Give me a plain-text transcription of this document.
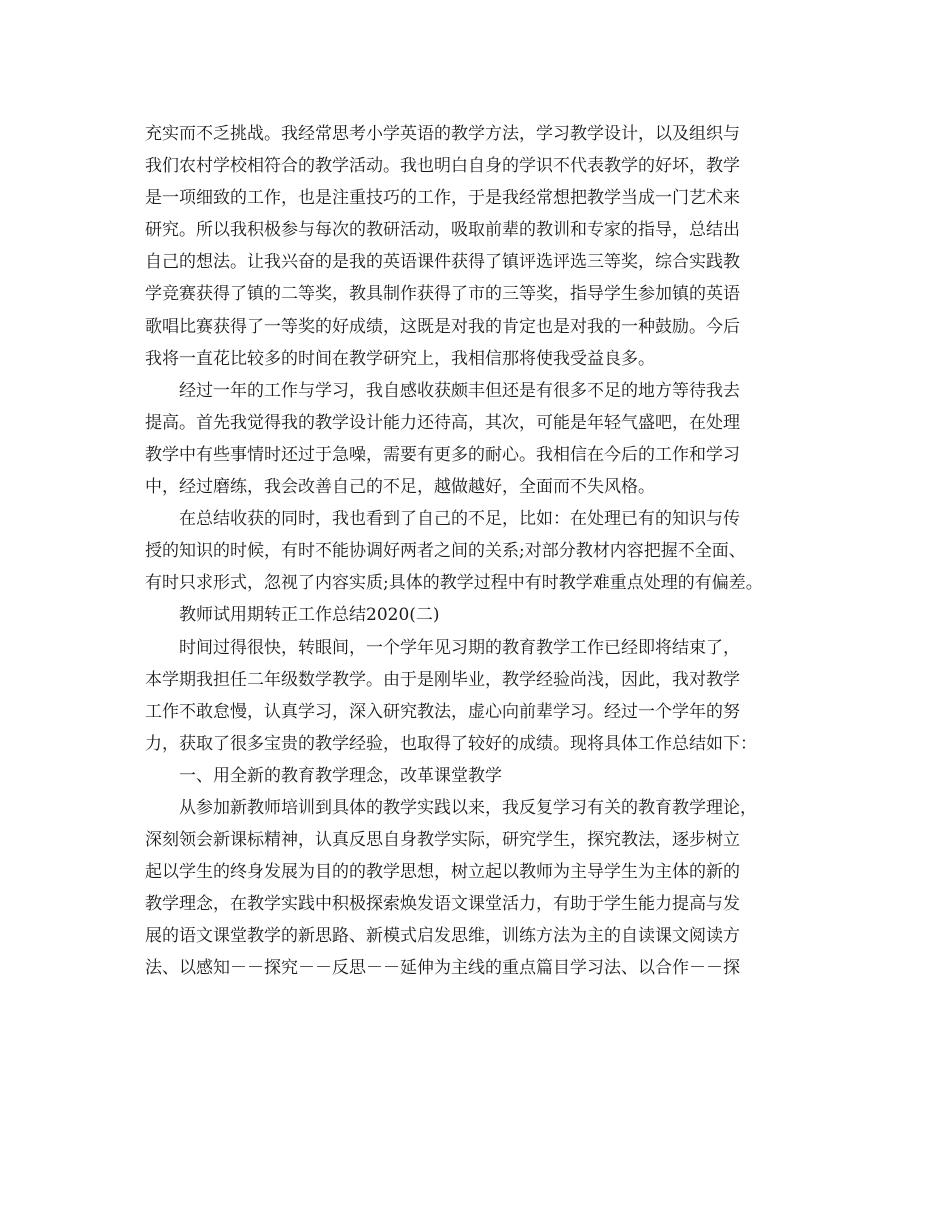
充实而不乏挑战。我经常思考小学英语的教学方法，学习教学设计，以及组织与
我们农村学校相符合的教学活动。我也明白自身的学识不代表教学的好坏，教学
是一项细致的工作，也是注重技巧的工作，于是我经常想把教学当成一门艺术来
研究。所以我积极参与每次的教研活动，吸取前辈的教训和专家的指导，总结出
自己的想法。让我兴奋的是我的英语课件获得了镇评选评选三等奖，综合实践教
学竞赛获得了镇的二等奖，教具制作获得了市的三等奖，指导学生参加镇的英语
歌唱比赛获得了一等奖的好成绩，这既是对我的肯定也是对我的一种鼓励。今后
我将一直花比较多的时间在教学研究上，我相信那将使我受益良多。
经过一年的工作与学习，我自感收获颇丰但还是有很多不足的地方等待我去
提高。首先我觉得我的教学设计能力还待高，其次，可能是年轻气盛吧，在处理
教学中有些事情时还过于急噪，需要有更多的耐心。我相信在今后的工作和学习
中，经过磨练，我会改善自己的不足，越做越好，全面而不失风格。
在总结收获的同时，我也看到了自己的不足，比如：在处理已有的知识与传
授的知识的时候，有时不能协调好两者之间的关系;对部分教材内容把握不全面、
有时只求形式，忽视了内容实质;具体的教学过程中有时教学难重点处理的有偏差。
教师试用期转正工作总结2020(二)
时间过得很快，转眼间，一个学年见习期的教育教学工作已经即将结束了，
本学期我担任二年级数学教学。由于是刚毕业，教学经验尚浅，因此，我对教学
工作不敢怠慢，认真学习，深入研究教法，虚心向前辈学习。经过一个学年的努
力，获取了很多宝贵的教学经验，也取得了较好的成绩。现将具体工作总结如下：
一、用全新的教育教学理念，改革课堂教学
从参加新教师培训到具体的教学实践以来，我反复学习有关的教育教学理论，
深刻领会新课标精神，认真反思自身教学实际，研究学生，探究教法，逐步树立
起以学生的终身发展为目的的教学思想，树立起以教师为主导学生为主体的新的
教学理念，在教学实践中积极探索焕发语文课堂活力，有助于学生能力提高与发
展的语文课堂教学的新思路、新模式启发思维，训练方法为主的自读课文阅读方
法、以感知－－探究－－反思－－延伸为主线的重点篇目学习法、以合作－－探
